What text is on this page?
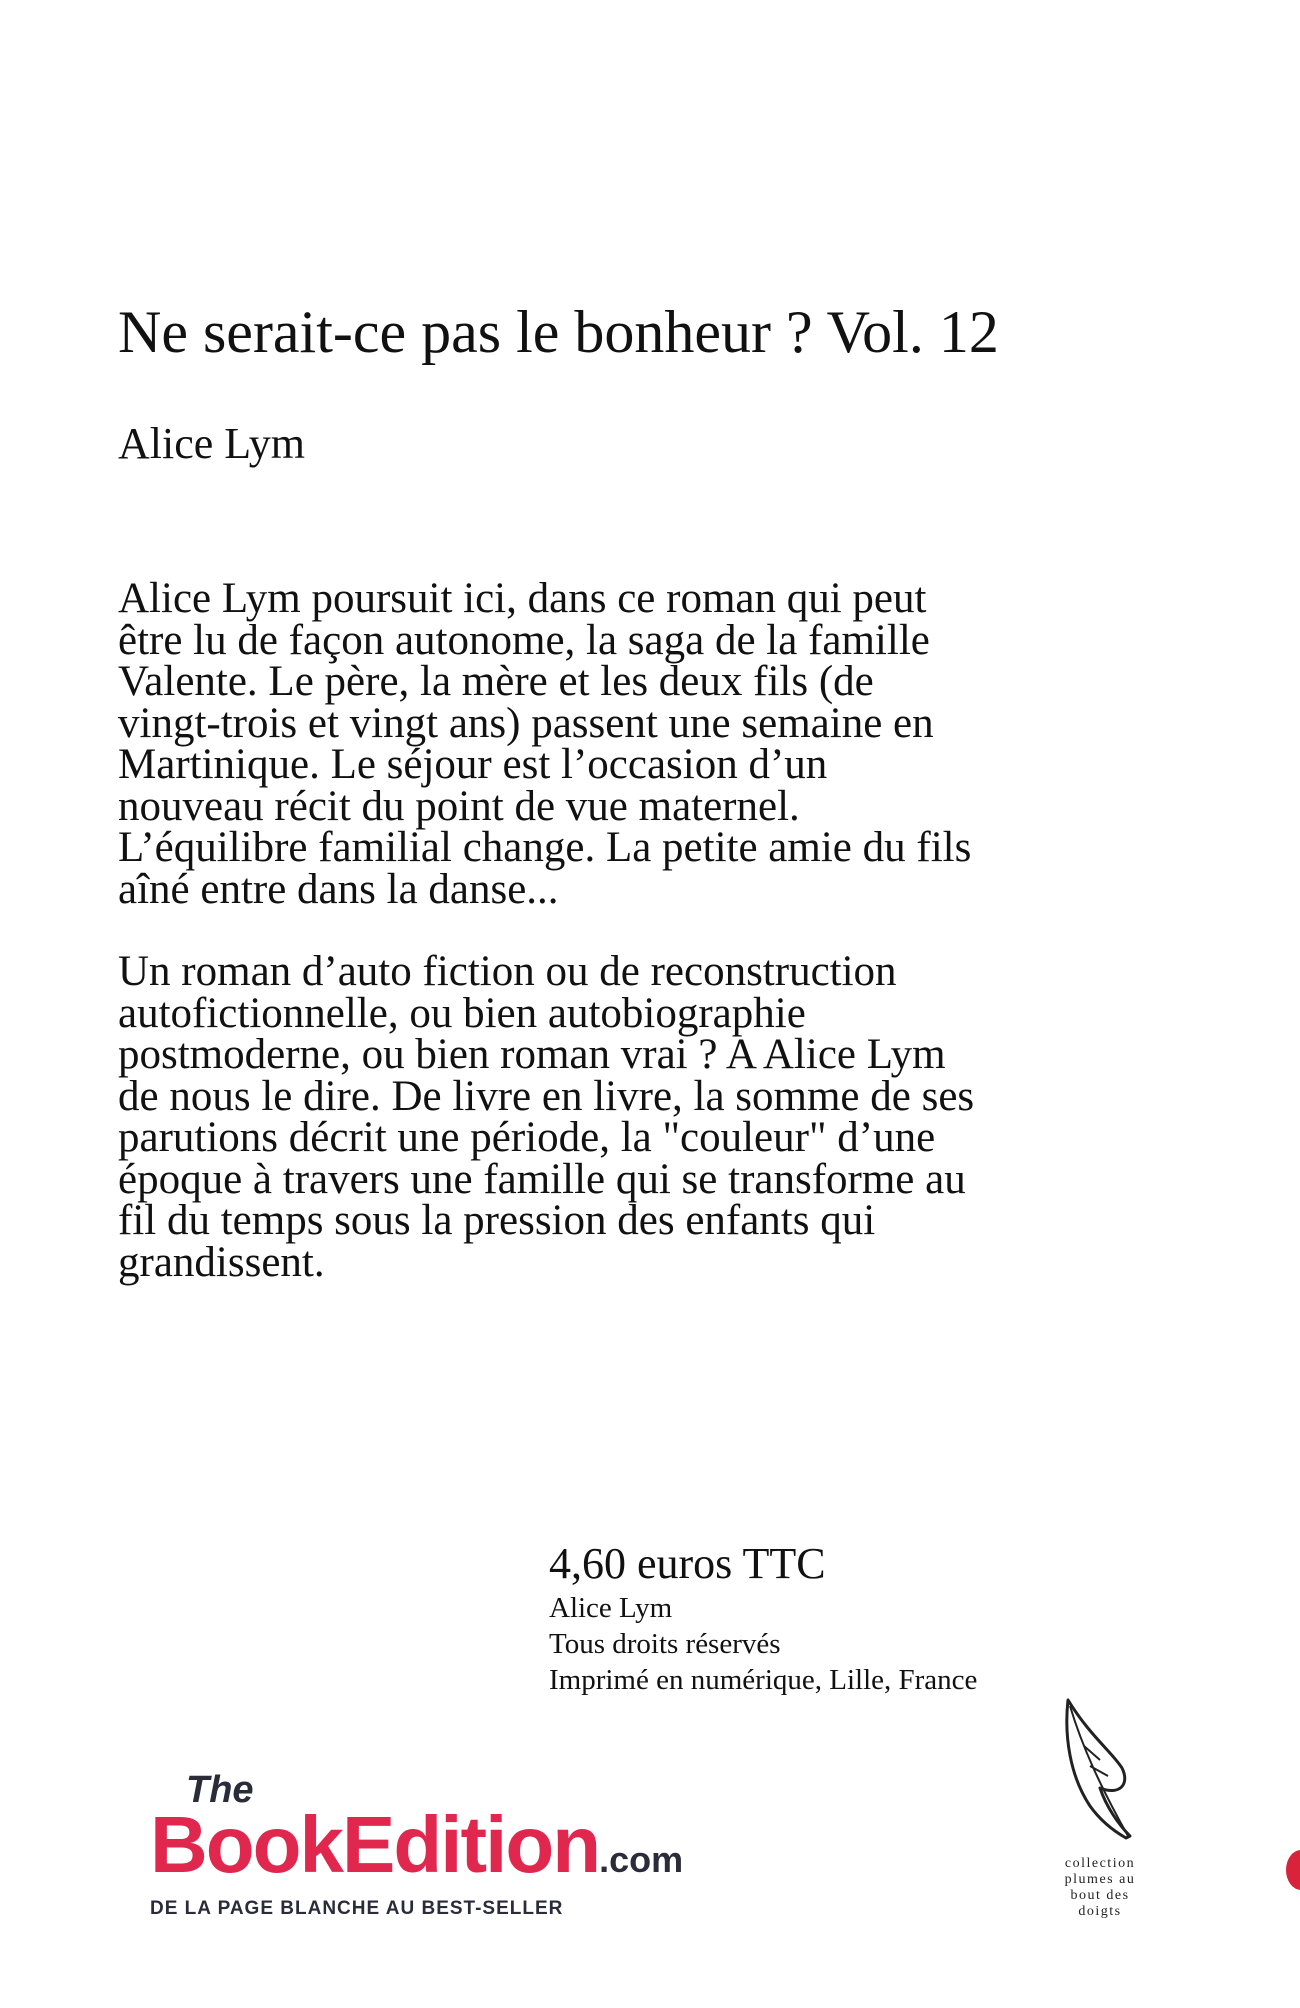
Ne serait-ce pas le bonheur ? Vol. 12
Alice Lym

Alice Lym poursuit ici, dans ce roman qui peut être lu de façon autonome, la saga de la famille Valente. Le père, la mère et les deux fils (de vingt-trois et vingt ans) passent une semaine en Martinique. Le séjour est l’occasion d’un nouveau récit du point de vue maternel. L’équilibre familial change. La petite amie du fils aîné entre dans la danse...

Un roman d’auto fiction ou de reconstruction autofictionnelle, ou bien autobiographie postmoderne, ou bien roman vrai ? A Alice Lym de nous le dire. De livre en livre, la somme de ses parutions décrit une période, la "couleur" d’une époque à travers une famille qui se transforme au fil du temps sous la pression des enfants qui grandissent.

4,60 euros TTC
Alice Lym
Tous droits réservés
Imprimé en numérique, Lille, France
The
BookEdition.com
DE LA PAGE BLANCHE AU BEST-SELLER
collection
plumes au
bout des
doigts
